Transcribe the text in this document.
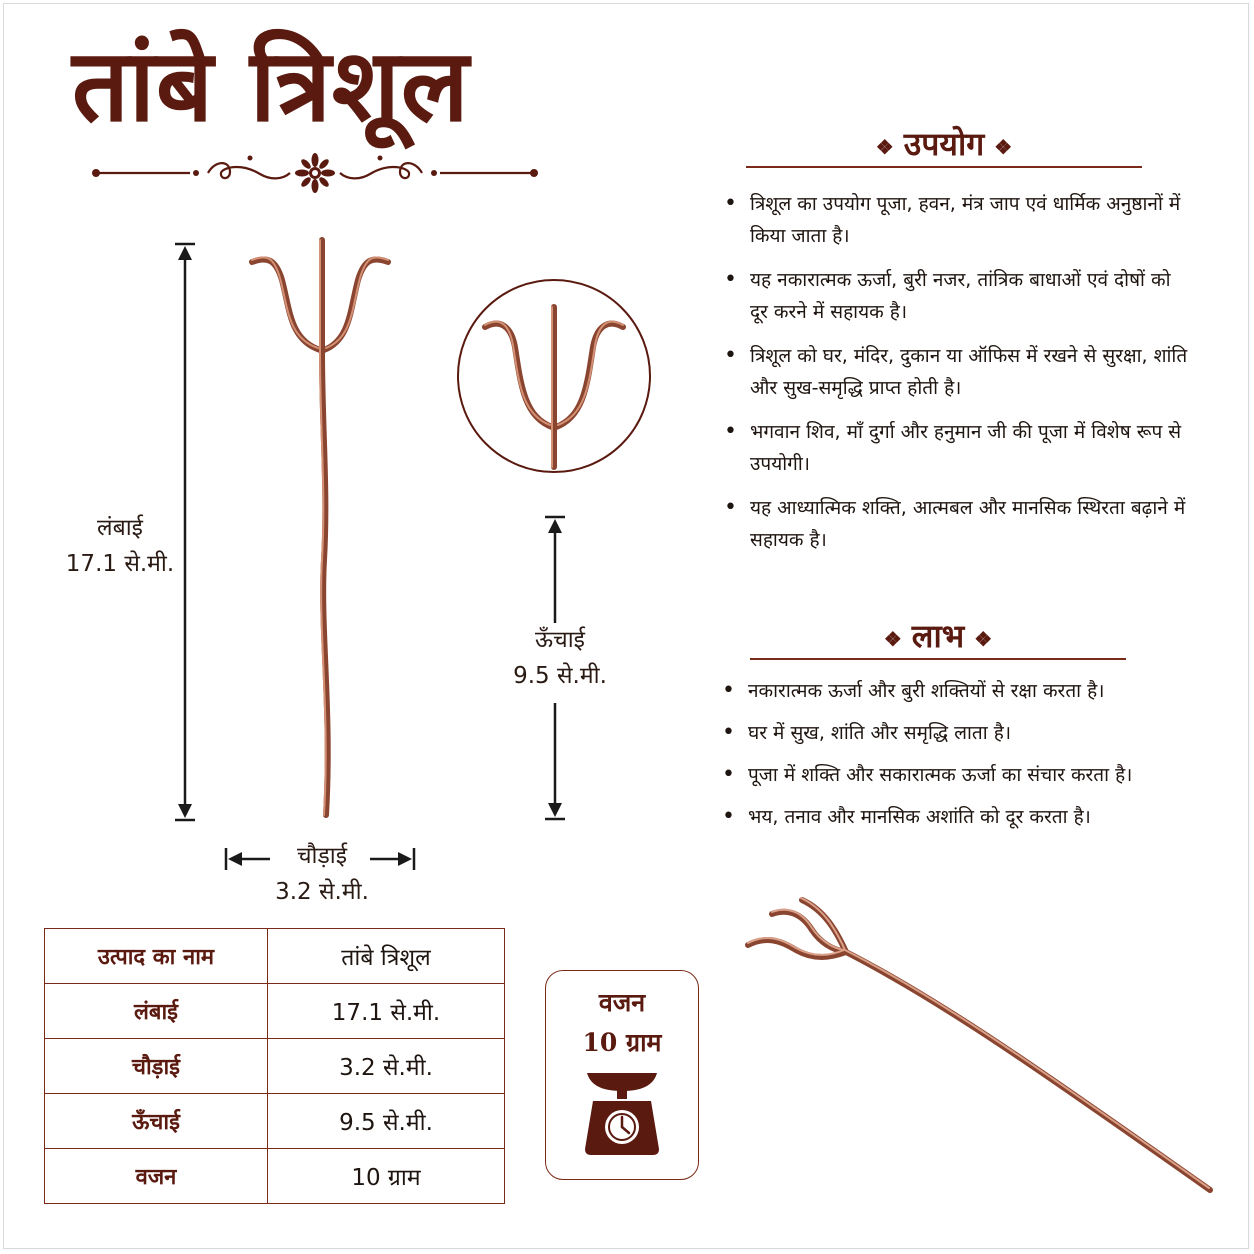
तांबे त्रिशूल
लंबाई
17.1 से.मी.
चौड़ाई
3.2 से.मी.
ऊँचाई
9.5 से.मी.
❖ उपयोग ❖
• त्रिशूल का उपयोग पूजा, हवन, मंत्र जाप एवं धार्मिक अनुष्ठानों में किया जाता है।
• यह नकारात्मक ऊर्जा, बुरी नजर, तांत्रिक बाधाओं एवं दोषों को दूर करने में सहायक है।
• त्रिशूल को घर, मंदिर, दुकान या ऑफिस में रखने से सुरक्षा, शांति और सुख-समृद्धि प्राप्त होती है।
• भगवान शिव, माँ दुर्गा और हनुमान जी की पूजा में विशेष रूप से उपयोगी।
• यह आध्यात्मिक शक्ति, आत्मबल और मानसिक स्थिरता बढ़ाने में सहायक है।
❖ लाभ ❖
• नकारात्मक ऊर्जा और बुरी शक्तियों से रक्षा करता है।
• घर में सुख, शांति और समृद्धि लाता है।
• पूजा में शक्ति और सकारात्मक ऊर्जा का संचार करता है।
• भय, तनाव और मानसिक अशांति को दूर करता है।
उत्पाद का नाम	तांबे त्रिशूल
लंबाई	17.1 से.मी.
चौड़ाई	3.2 से.मी.
ऊँचाई	9.5 से.मी.
वजन	10 ग्राम
वजन
10 ग्राम
